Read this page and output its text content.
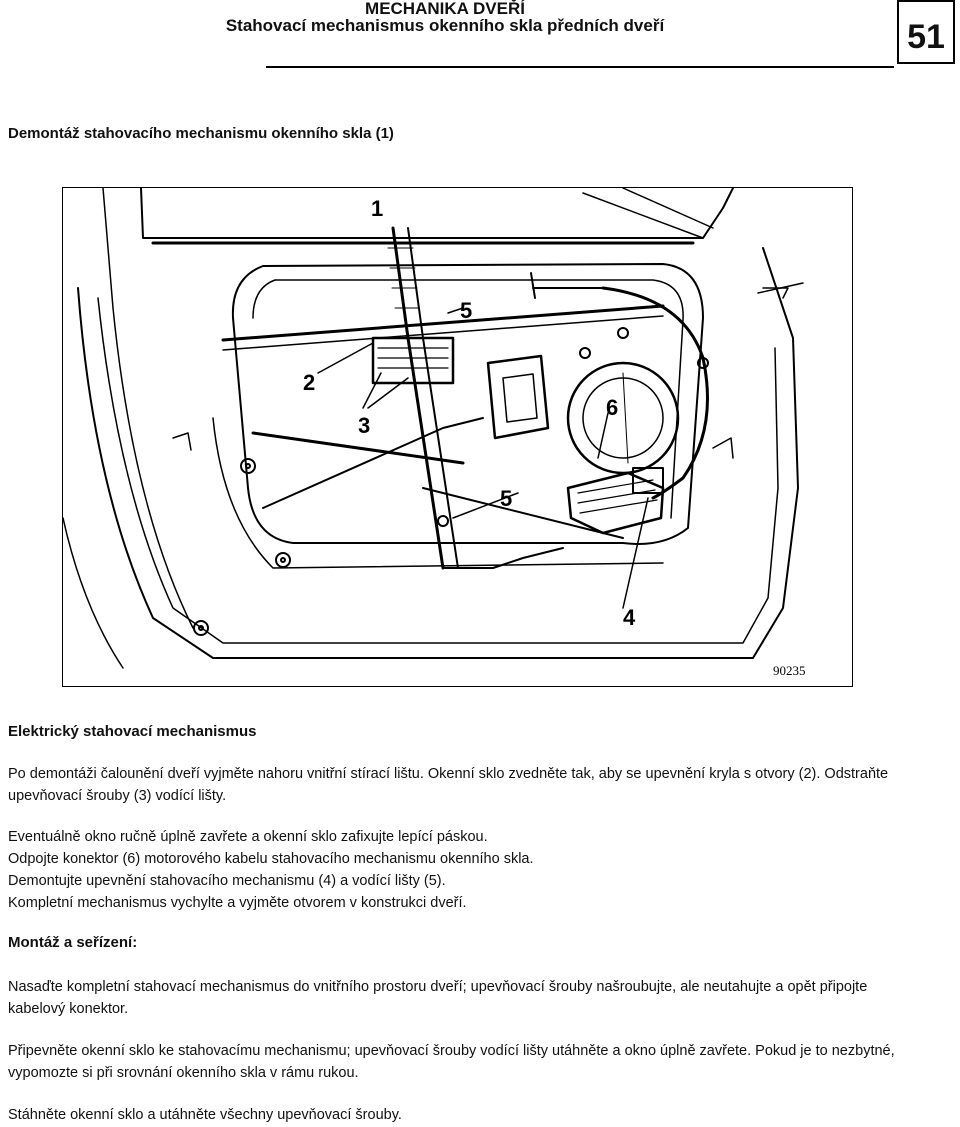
MECHANIKA DVEŘÍ
Stahovací mechanismus okenního skla předních dveří	51
Demontáž stahovacího mechanismu okenního skla (1)
1
2
3
4
5
5
6
90235
Elektrický stahovací mechanismus
Po demontáži čalounění dveří vyjměte nahoru vnitřní stírací lištu. Okenní sklo zvedněte tak, aby se upevnění kryla s otvory (2). Odstraňte upevňovací šrouby (3) vodící lišty.
Eventuálně okno ručně úplně zavřete a okenní sklo zafixujte lepící páskou.
Odpojte konektor (6) motorového kabelu stahovacího mechanismu okenního skla.
Demontujte upevnění stahovacího mechanismu (4) a vodící lišty (5).
Kompletní mechanismus vychylte a vyjměte otvorem v konstrukci dveří.
Montáž a seřízení:
Nasaďte kompletní stahovací mechanismus do vnitřního prostoru dveří; upevňovací šrouby našroubujte, ale neutahujte a opět připojte kabelový konektor.
Připevněte okenní sklo ke stahovacímu mechanismu; upevňovací šrouby vodící lišty utáhněte a okno úplně zavřete. Pokud je to nezbytné, vypomozte si při srovnání okenního skla v rámu rukou.
Stáhněte okenní sklo a utáhněte všechny upevňovací šrouby.
